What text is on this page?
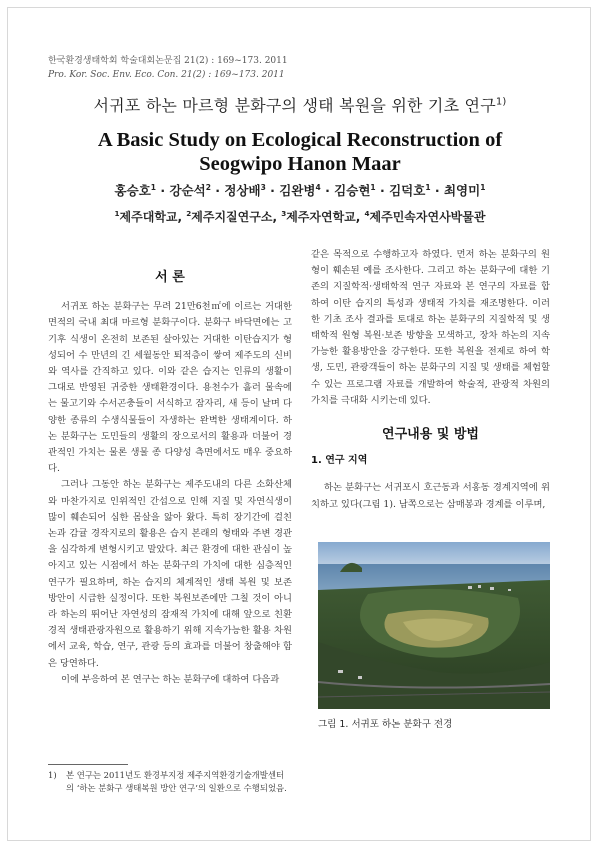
한국환경생태학회 학술대회논문집 21(2) : 169~173. 2011
Pro. Kor. Soc. Env. Eco. Con. 21(2) : 169~173. 2011
서귀포 하논 마르형 분화구의 생태 복원을 위한 기초 연구$^{1)}$
A Basic Study on Ecological Reconstruction of
Seogwipo Hanon Maar
홍승호$^1$ · 강순석$^2$ · 정상배$^3$ · 김완병$^4$ · 김승현$^1$ · 김덕호$^1$ · 최영미$^1$
$^1$제주대학교, $^2$제주지질연구소, $^3$제주자연학교, $^4$제주민속자연사박물관
서 론

서귀포 하논 분화구는 무려 21만6천㎡에 이르는 거대한 면적의 국내 최대 마르형 분화구이다. 분화구 바닥면에는 고기후 식생이 온전히 보존된 살아있는 거대한 이탄습지가 형성되어 수 만년의 긴 세월동안 퇴적층이 쌓여 제주도의 신비와 역사를 간직하고 있다. 이와 같은 습지는 인류의 생활이 그대로 반영된 귀중한 생태환경이다. 용천수가 흘러 물속에는 물고기와 수서곤충들이 서식하고 잠자리, 새 등이 날며 다양한 종류의 수생식물들이 자생하는 완벽한 생태계이다. 하논 분화구는 도민들의 생활의 장으로서의 활용과 더불어 경관적인 가치는 물론 생물 종 다양성 측면에서도 매우 중요하다.

그러나 그동안 하논 분화구는 제주도내의 다른 소화산체와 마찬가지로 인위적인 간섭으로 인해 지질 및 자연식생이 많이 훼손되어 심한 몸살을 앓아 왔다. 특히 장기간에 걸친 논과 감귤 경작지로의 활용은 습지 본래의 형태와 주변 경관을 심각하게 변형시키고 말았다. 최근 환경에 대한 관심이 높아지고 있는 시점에서 하논 분화구의 가치에 대한 심층적인 연구가 필요하며, 하논 습지의 체계적인 생태 복원 및 보존 방안이 시급한 실정이다. 또한 복원보존에만 그칠 것이 아니라 하논의 뛰어난 자연성의 잠재적 가치에 대해 앞으로 친환경적 생태관광자원으로 활용하기 위해 지속가능한 활용 차원에서 교육, 학습, 연구, 관광 등의 효과를 더불어 창출해야 함은 당연하다.

이에 부응하여 본 연구는 하논 분화구에 대하여 다음과

1) 본 연구는 2011년도 환경부지정 제주지역환경기술개발센터의 ‘하논 분화구 생태복원 방안 연구’의 일환으로 수행되었음.

같은 목적으로 수행하고자 하였다. 먼저 하논 분화구의 원형이 훼손된 예를 조사한다. 그리고 하논 분화구에 대한 기존의 지질학적·생태학적 연구 자료와 본 연구의 자료를 합하여 이탄 습지의 특성과 생태적 가치를 재조명한다. 이러한 기초 조사 결과를 토대로 하논 분화구의 지질학적 및 생태학적 원형 복원·보존 방향을 모색하고, 장차 하논의 지속가능한 활용방안을 강구한다. 또한 복원을 전제로 하여 학생, 도민, 관광객들이 하논 분화구의 지질 및 생태를 체험할 수 있는 프로그램 자료를 개발하여 학술적, 관광적 차원의 가치를 극대화 시키는데 있다.

연구내용 및 방법
1. 연구 지역

하논 분화구는 서귀포시 호근동과 서홍동 경계지역에 위치하고 있다(그림 1). 남쪽으로는 삼매봉과 경계를 이루며,

그림 1. 서귀포 하논 분화구 전경
